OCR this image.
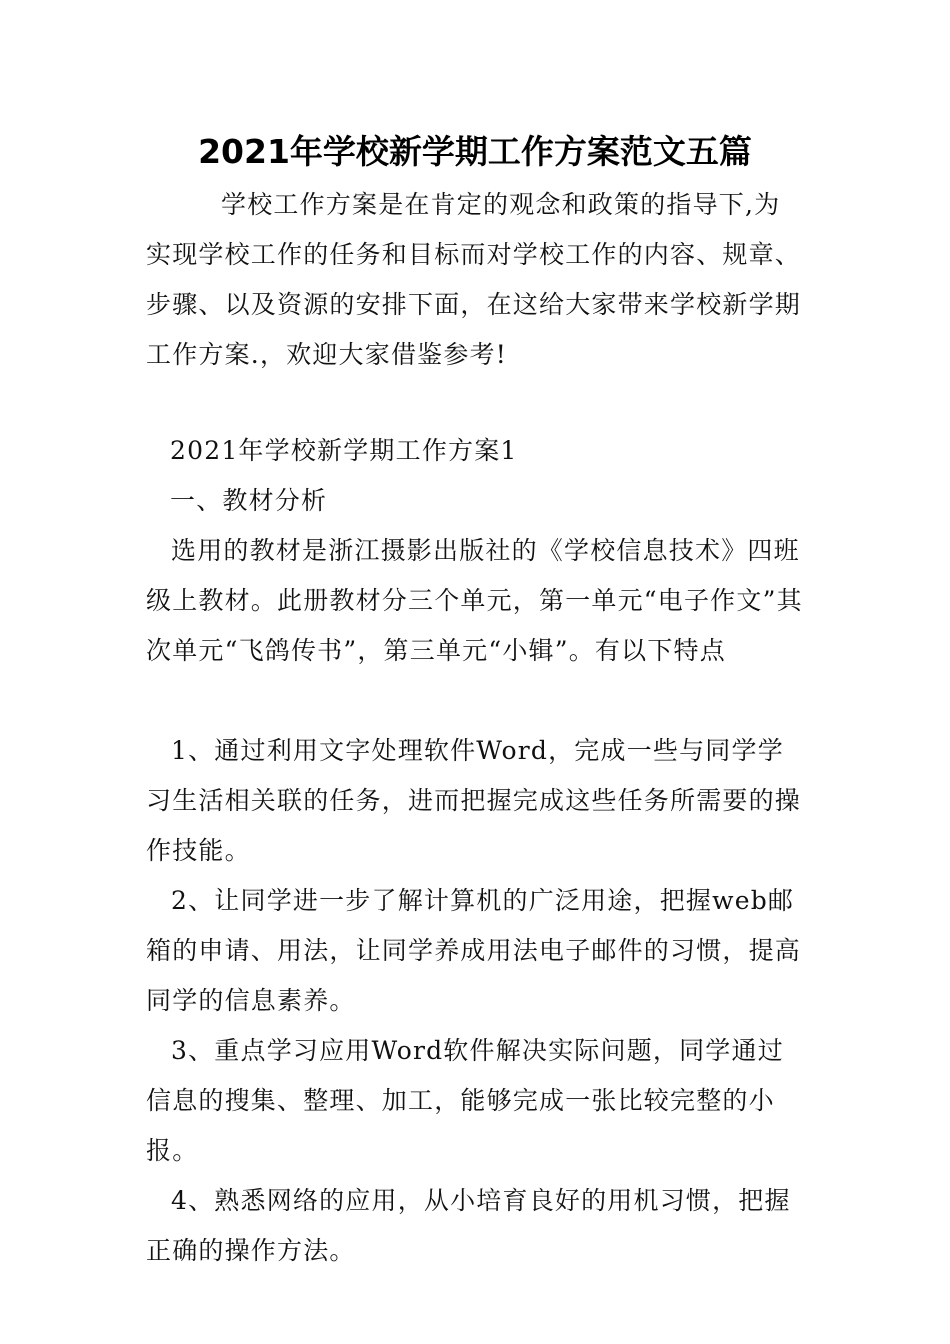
2021年学校新学期工作方案范文五篇

学校工作方案是在肯定的观念和政策的指导下,为实现学校工作的任务和目标而对学校工作的内容、规章、步骤、以及资源的安排下面，在这给大家带来学校新学期工作方案.，欢迎大家借鉴参考!

2021年学校新学期工作方案1

一、教材分析

选用的教材是浙江摄影出版社的《学校信息技术》四班级上教材。此册教材分三个单元，第一单元“电子作文”其次单元“飞鸽传书”，第三单元“小辑”。有以下特点

1、通过利用文字处理软件Word，完成一些与同学学习生活相关联的任务，进而把握完成这些任务所需要的操作技能。
2、让同学进一步了解计算机的广泛用途，把握web邮箱的申请、用法，让同学养成用法电子邮件的习惯，提高同学的信息素养。
3、重点学习应用Word软件解决实际问题，同学通过信息的搜集、整理、加工，能够完成一张比较完整的小报。
4、熟悉网络的应用，从小培育良好的用机习惯，把握正确的操作方法。
